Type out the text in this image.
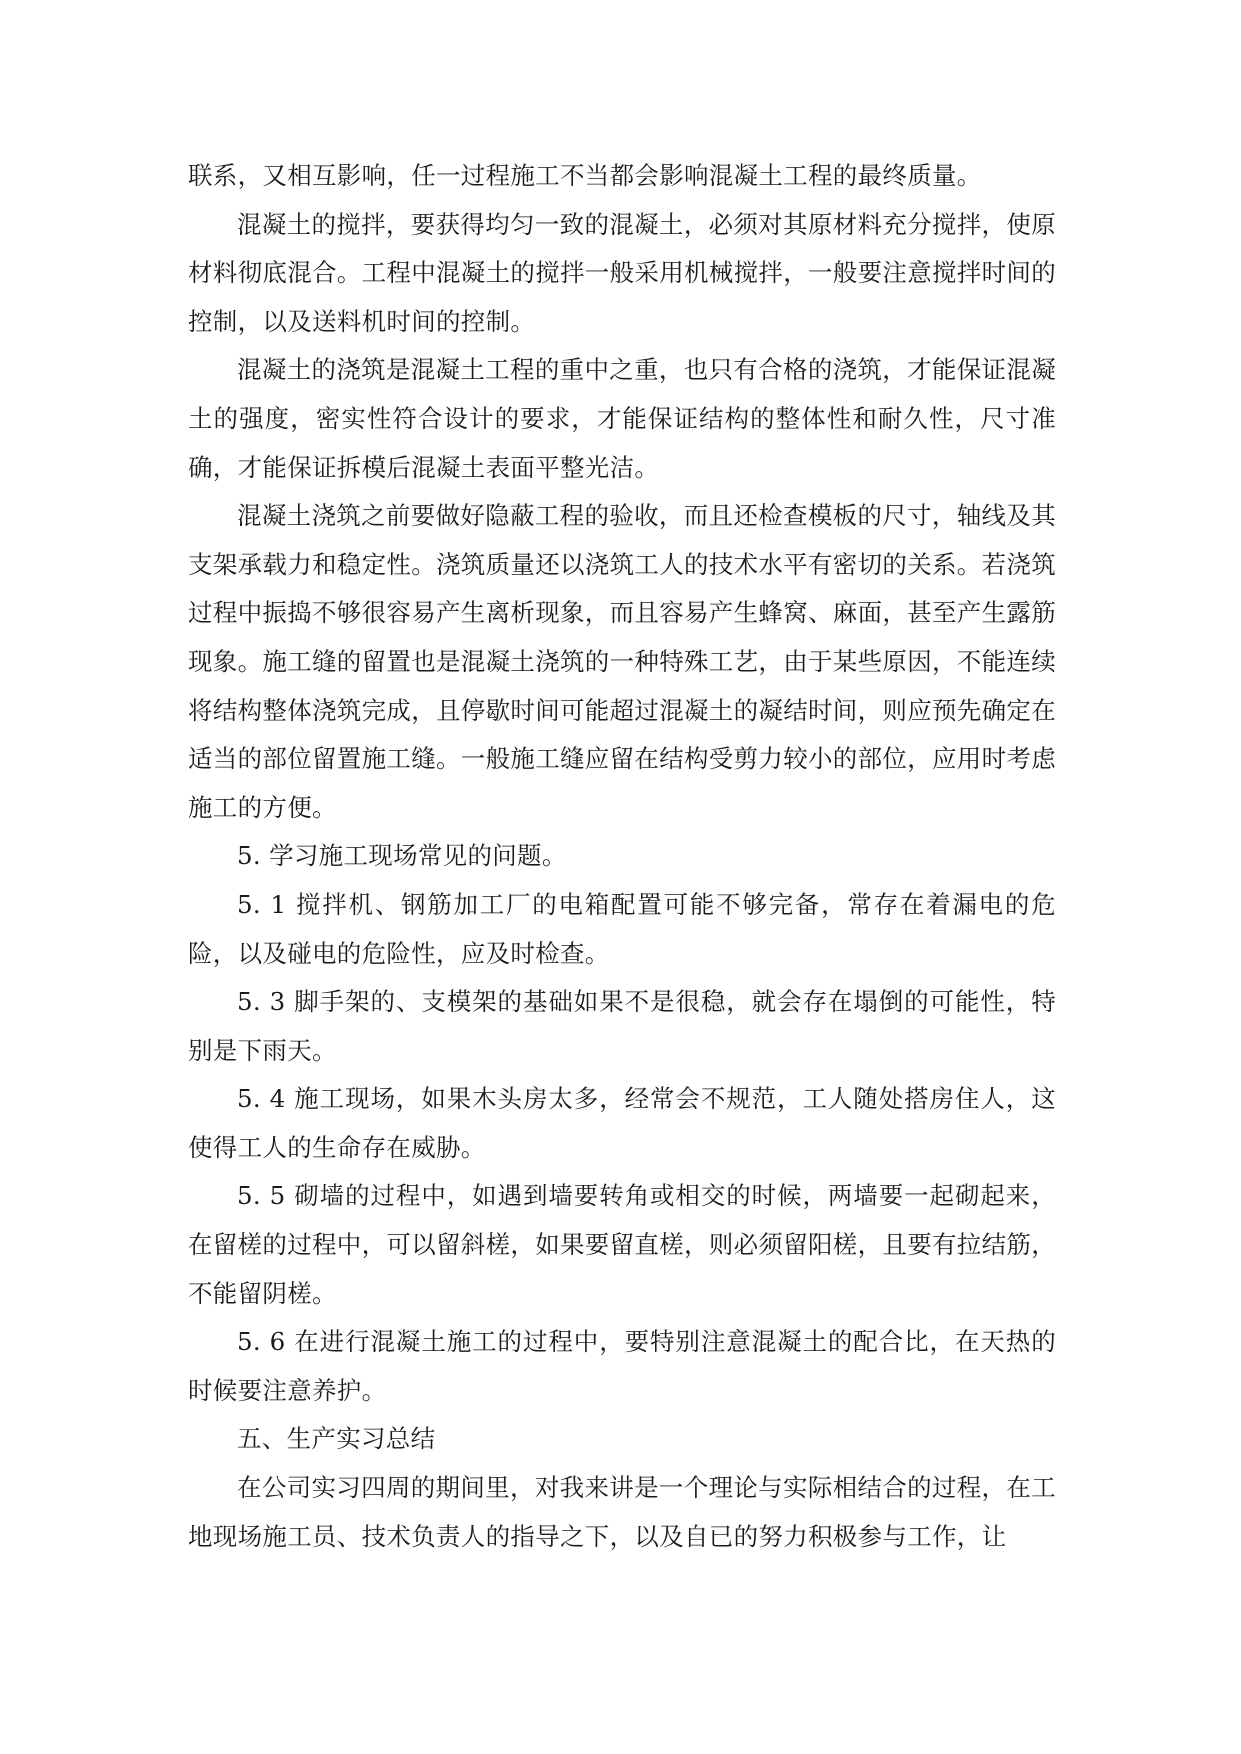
联系，又相互影响，任一过程施工不当都会影响混凝土工程的最终质量。

混凝土的搅拌，要获得均匀一致的混凝土，必须对其原材料充分搅拌，使原材料彻底混合。工程中混凝土的搅拌一般采用机械搅拌，一般要注意搅拌时间的控制，以及送料机时间的控制。

混凝土的浇筑是混凝土工程的重中之重，也只有合格的浇筑，才能保证混凝土的强度，密实性符合设计的要求，才能保证结构的整体性和耐久性，尺寸准确，才能保证拆模后混凝土表面平整光洁。

混凝土浇筑之前要做好隐蔽工程的验收，而且还检查模板的尺寸，轴线及其支架承载力和稳定性。浇筑质量还以浇筑工人的技术水平有密切的关系。若浇筑过程中振捣不够很容易产生离析现象，而且容易产生蜂窝、麻面，甚至产生露筋现象。施工缝的留置也是混凝土浇筑的一种特殊工艺，由于某些原因，不能连续将结构整体浇筑完成，且停歇时间可能超过混凝土的凝结时间，则应预先确定在适当的部位留置施工缝。一般施工缝应留在结构受剪力较小的部位，应用时考虑施工的方便。

5. 学习施工现场常见的问题。

5. 1 搅拌机、钢筋加工厂的电箱配置可能不够完备，常存在着漏电的危险，以及碰电的危险性，应及时检查。

5. 3 脚手架的、支模架的基础如果不是很稳，就会存在塌倒的可能性，特别是下雨天。

5. 4 施工现场，如果木头房太多，经常会不规范，工人随处搭房住人，这使得工人的生命存在威胁。

5. 5 砌墙的过程中，如遇到墙要转角或相交的时候，两墙要一起砌起来，在留槎的过程中，可以留斜槎，如果要留直槎，则必须留阳槎，且要有拉结筋，不能留阴槎。

5. 6 在进行混凝土施工的过程中，要特别注意混凝土的配合比，在天热的时候要注意养护。

五、生产实习总结

在公司实习四周的期间里，对我来讲是一个理论与实际相结合的过程，在工地现场施工员、技术负责人的指导之下，以及自已的努力积极参与工作，让
